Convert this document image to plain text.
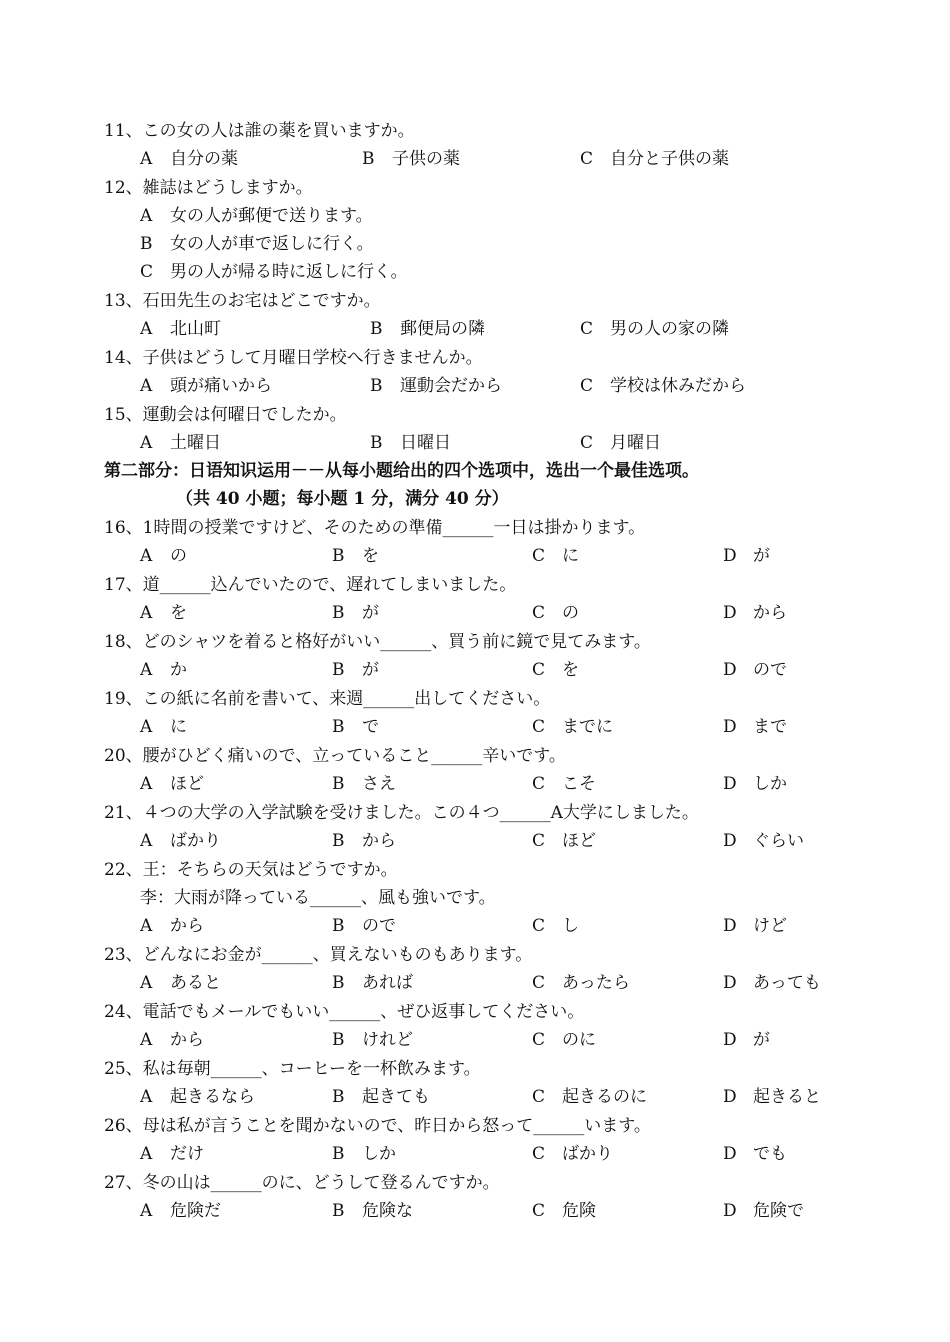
11、この女の人は誰の薬を買いますか。
A 自分の薬	B 子供の薬	C 自分と子供の薬
12、雑誌はどうしますか。
A 女の人が郵便で送ります。
B 女の人が車で返しに行く。
C 男の人が帰る時に返しに行く。
13、石田先生のお宅はどこですか。
A 北山町	B 郵便局の隣	C 男の人の家の隣
14、子供はどうして月曜日学校へ行きませんか。
A 頭が痛いから	B 運動会だから	C 学校は休みだから
15、運動会は何曜日でしたか。
A 土曜日	B 日曜日	C 月曜日
第二部分：日语知识运用－－从每小题给出的四个选项中，选出一个最佳选项。
（共 40 小题；每小题 1 分，满分 40 分）
16、1時間の授業ですけど、そのための準備______一日は掛かります。
A の	B を	C に	D が
17、道______込んでいたので、遅れてしまいました。
A を	B が	C の	D から
18、どのシャツを着ると格好がいい______、買う前に鏡で見てみます。
A か	B が	C を	D ので
19、この紙に名前を書いて、来週______出してください。
A に	B で	C までに	D まで
20、腰がひどく痛いので、立っていること______辛いです。
A ほど	B さえ	C こそ	D しか
21、４つの大学の入学試験を受けました。この４つ______A大学にしました。
A ばかり	B から	C ほど	D ぐらい
22、王：そちらの天気はどうですか。
李：大雨が降っている______、風も強いです。
A から	B ので	C し	D けど
23、どんなにお金が______、買えないものもあります。
A あると	B あれば	C あったら	D あっても
24、電話でもメールでもいい______、ぜひ返事してください。
A から	B けれど	C のに	D が
25、私は毎朝______、コーヒーを一杯飲みます。
A 起きるなら	B 起きても	C 起きるのに	D 起きると
26、母は私が言うことを聞かないので、昨日から怒って______います。
A だけ	B しか	C ばかり	D でも
27、冬の山は______のに、どうして登るんですか。
A 危険だ	B 危険な	C 危険	D 危険で
